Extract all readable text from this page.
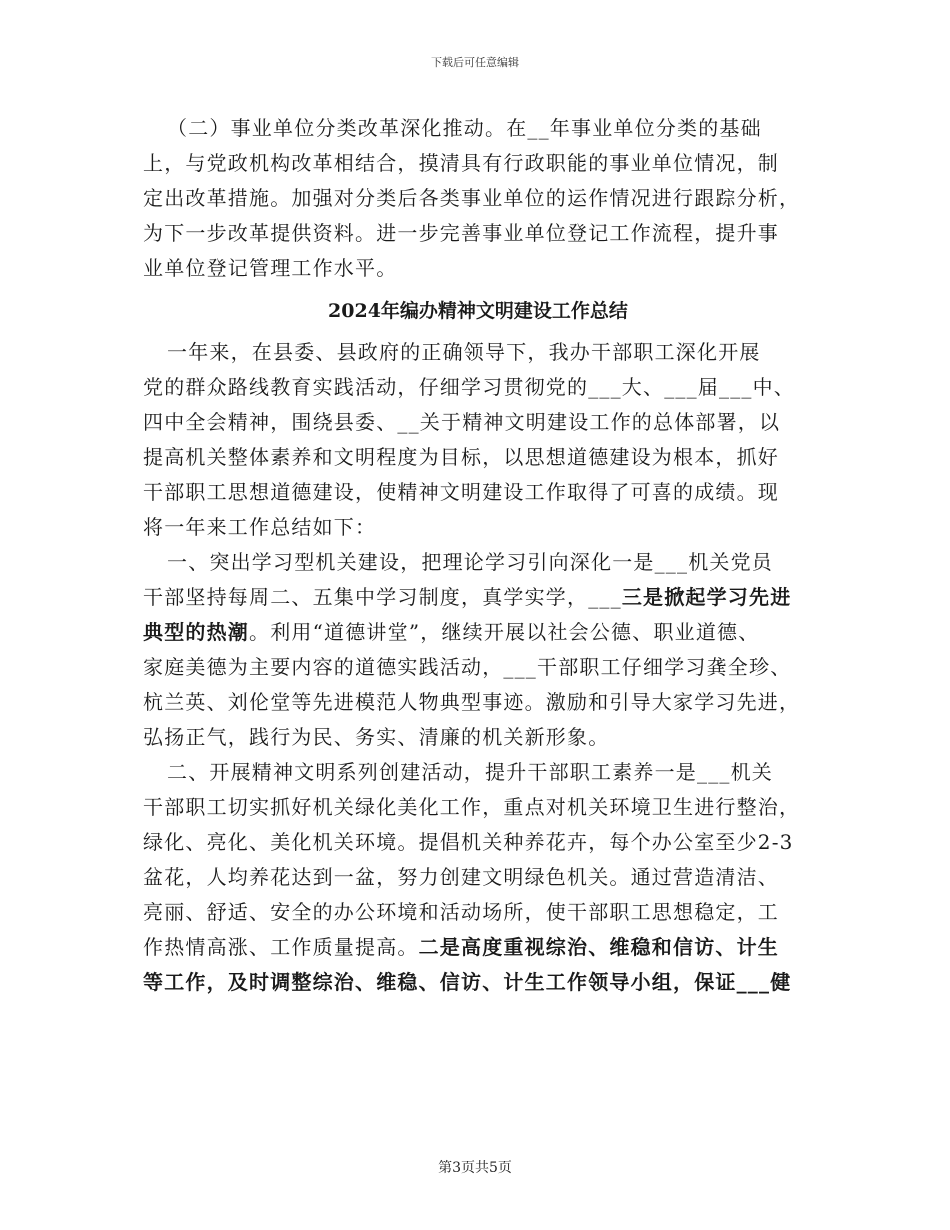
下载后可任意编辑
（二）事业单位分类改革深化推动。在__年事业单位分类的基础
上，与党政机构改革相结合，摸清具有行政职能的事业单位情况，制
定出改革措施。加强对分类后各类事业单位的运作情况进行跟踪分析，
为下一步改革提供资料。进一步完善事业单位登记工作流程，提升事
业单位登记管理工作水平。
2024年编办精神文明建设工作总结
一年来，在县委、县政府的正确领导下，我办干部职工深化开展
党的群众路线教育实践活动，仔细学习贯彻党的___大、___届___中、
四中全会精神，围绕县委、__关于精神文明建设工作的总体部署，以
提高机关整体素养和文明程度为目标，以思想道德建设为根本，抓好
干部职工思想道德建设，使精神文明建设工作取得了可喜的成绩。现
将一年来工作总结如下：
一、突出学习型机关建设，把理论学习引向深化一是___机关党员
干部坚持每周二、五集中学习制度，真学实学，___三是掀起学习先进
典型的热潮。利用“道德讲堂”，继续开展以社会公德、职业道德、
家庭美德为主要内容的道德实践活动，___干部职工仔细学习龚全珍、
杭兰英、刘伦堂等先进模范人物典型事迹。激励和引导大家学习先进，
弘扬正气，践行为民、务实、清廉的机关新形象。
二、开展精神文明系列创建活动，提升干部职工素养一是___机关
干部职工切实抓好机关绿化美化工作，重点对机关环境卫生进行整治，
绿化、亮化、美化机关环境。提倡机关种养花卉，每个办公室至少2-3
盆花，人均养花达到一盆，努力创建文明绿色机关。通过营造清洁、
亮丽、舒适、安全的办公环境和活动场所，使干部职工思想稳定，工
作热情高涨、工作质量提高。二是高度重视综治、维稳和信访、计生
等工作，及时调整综治、维稳、信访、计生工作领导小组，保证___健
第3页共5页
